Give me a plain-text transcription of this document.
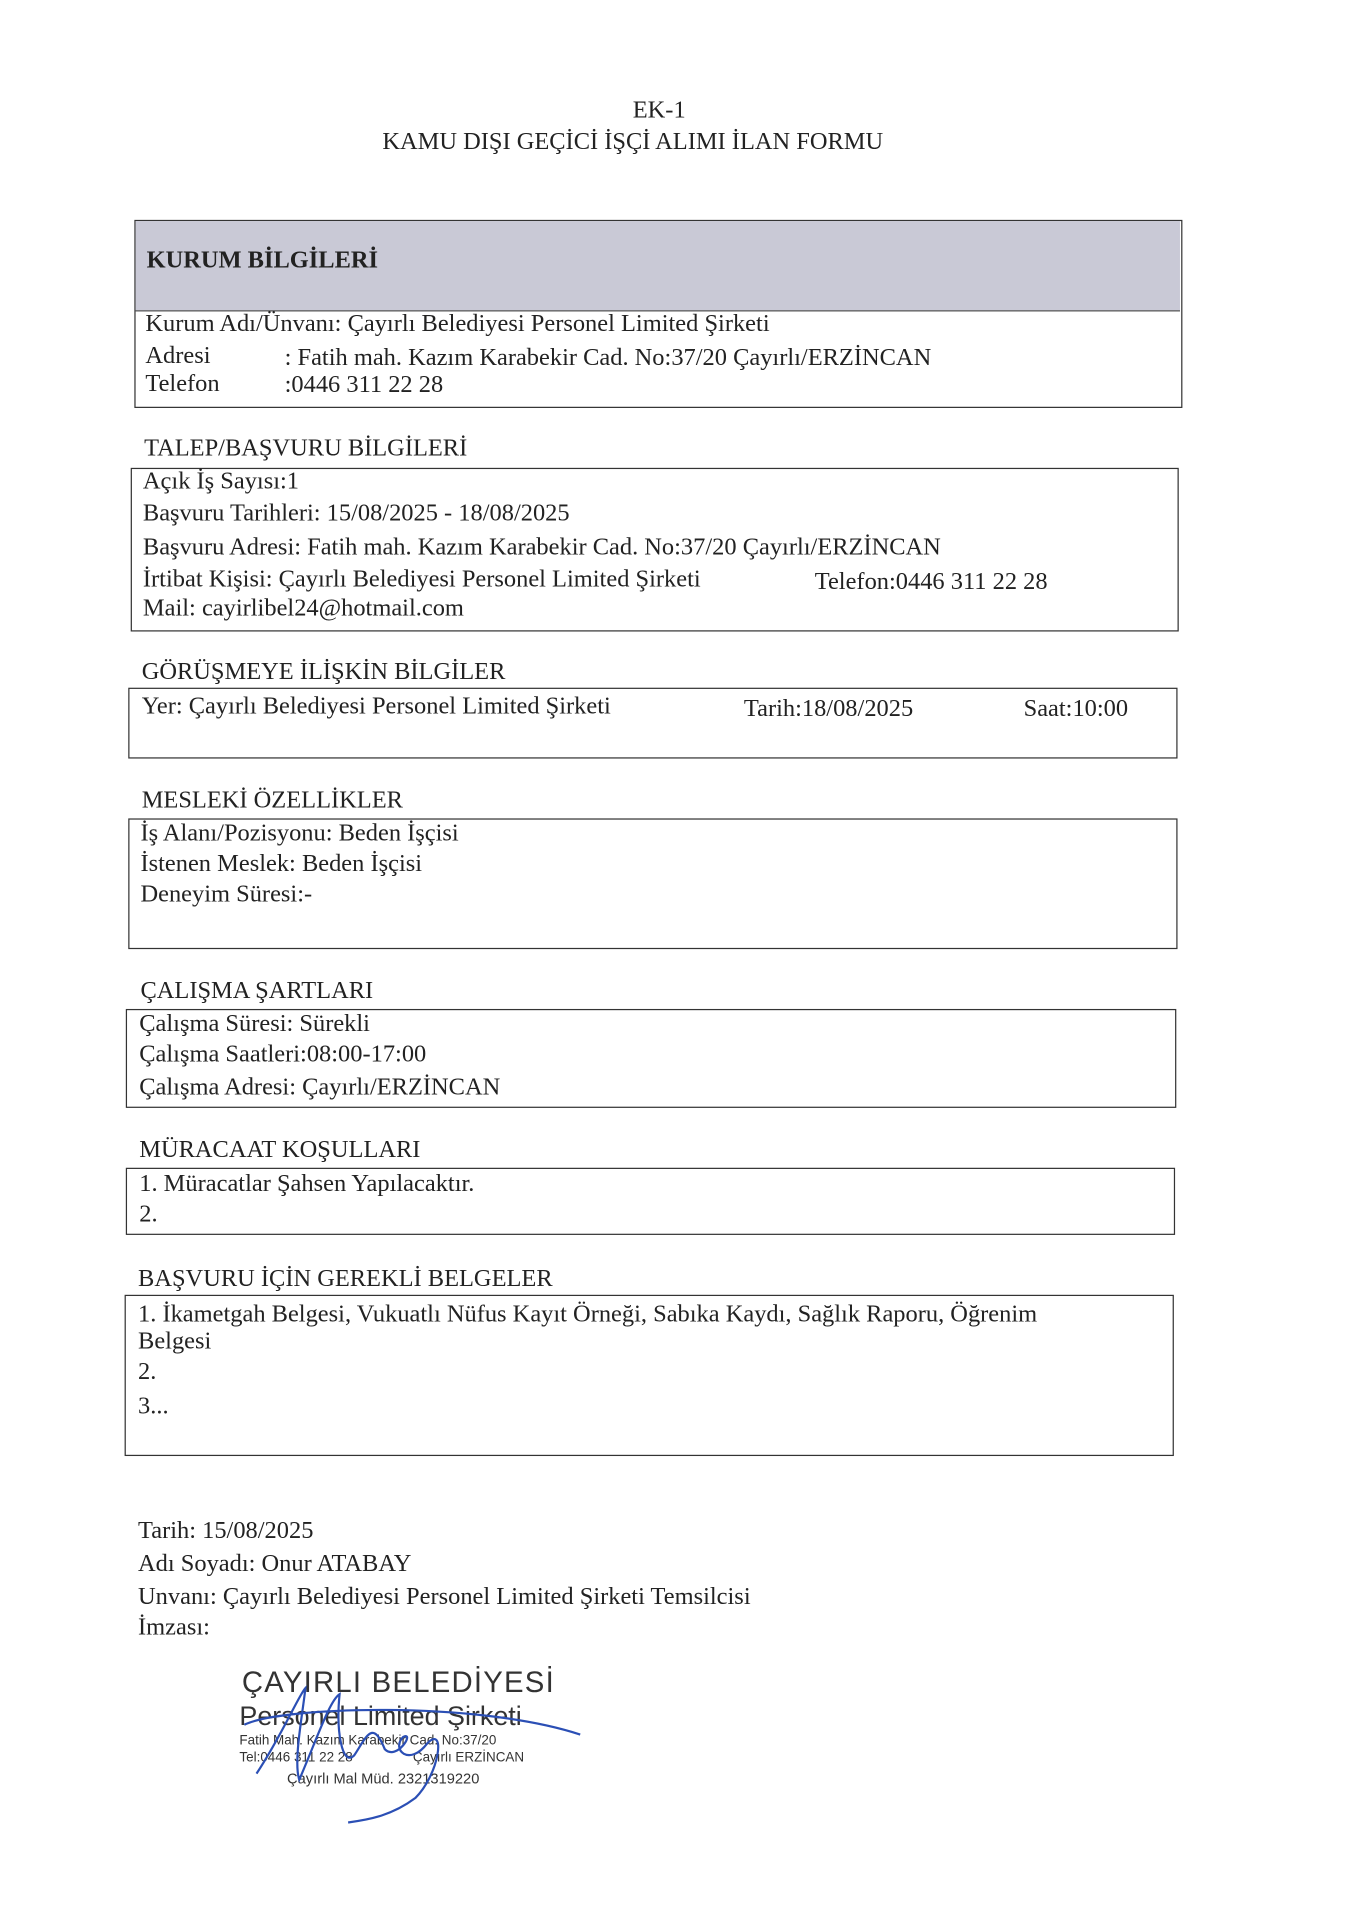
EK-1
KAMU DIŞI GEÇİCİ İŞÇİ ALIMI İLAN FORMU
KURUM BİLGİLERİ
Kurum Adı/Ünvanı: Çayırlı Belediyesi Personel Limited Şirketi
Adresi	: Fatih mah. Kazım Karabekir Cad. No:37/20 Çayırlı/ERZİNCAN
Telefon	:0446 311 22 28
TALEP/BAŞVURU BİLGİLERİ
Açık İş Sayısı:1
Başvuru Tarihleri: 15/08/2025 - 18/08/2025
Başvuru Adresi: Fatih mah. Kazım Karabekir Cad. No:37/20 Çayırlı/ERZİNCAN
İrtibat Kişisi: Çayırlı Belediyesi Personel Limited Şirketi	Telefon:0446 311 22 28
Mail: cayirlibel24@hotmail.com
GÖRÜŞMEYE İLİŞKİN BİLGİLER
Yer: Çayırlı Belediyesi Personel Limited Şirketi	Tarih:18/08/2025	Saat:10:00
MESLEKİ ÖZELLİKLER
İş Alanı/Pozisyonu: Beden İşçisi
İstenen Meslek: Beden İşçisi
Deneyim Süresi:-
ÇALIŞMA ŞARTLARI
Çalışma Süresi: Sürekli
Çalışma Saatleri:08:00-17:00
Çalışma Adresi: Çayırlı/ERZİNCAN
MÜRACAAT KOŞULLARI
1. Müracatlar Şahsen Yapılacaktır.
2.
BAŞVURU İÇİN GEREKLİ BELGELER
1. İkametgah Belgesi, Vukuatlı Nüfus Kayıt Örneği, Sabıka Kaydı, Sağlık Raporu, Öğrenim
Belgesi
2.
3...
Tarih: 15/08/2025
Adı Soyadı: Onur ATABAY
Unvanı: Çayırlı Belediyesi Personel Limited Şirketi Temsilcisi
İmzası:
ÇAYIRLI BELEDİYESİ
Personel Limited Şirketi
Fatih Mah. Kazım Karabekir Cad. No:37/20
Tel:0446 311 22 28	Çayırlı ERZİNCAN
Çayırlı Mal Müd. 2321319220
